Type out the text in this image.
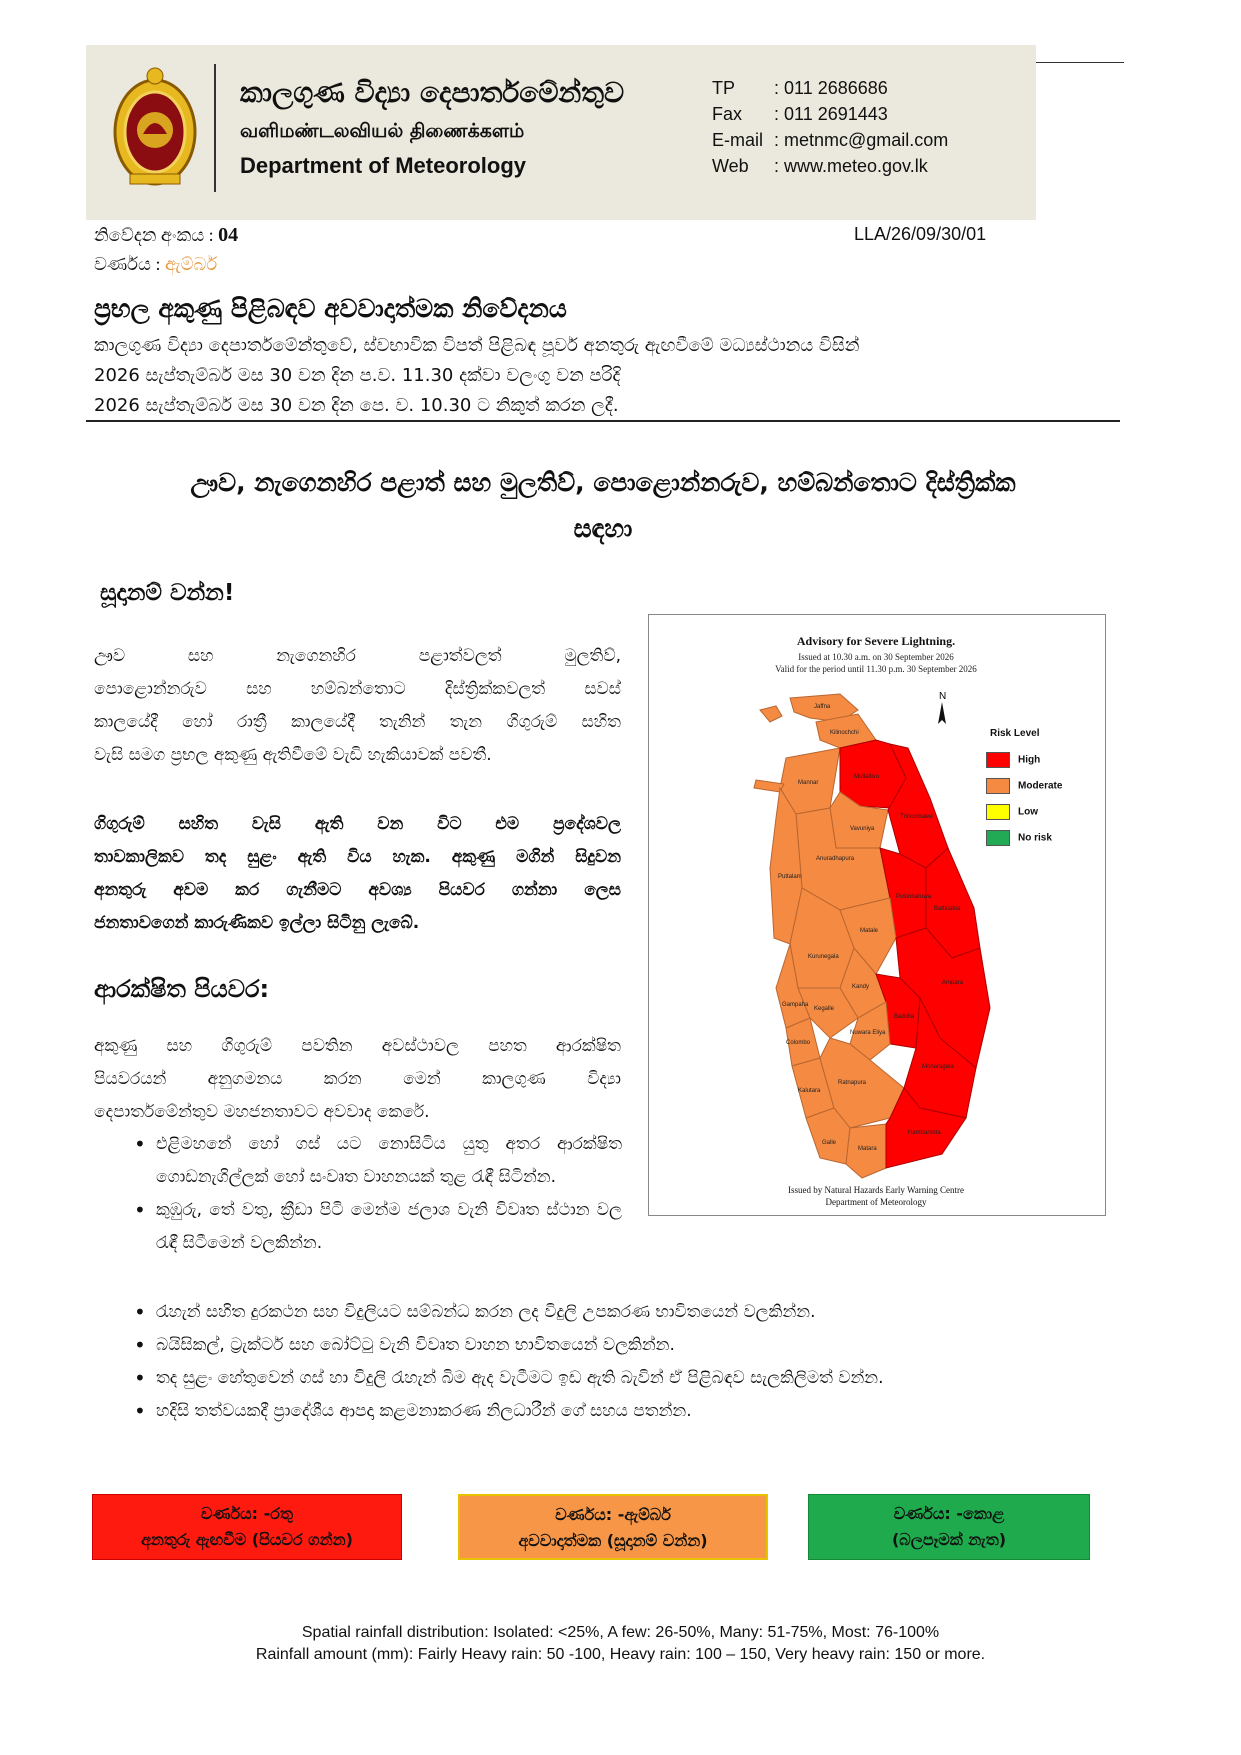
කාලගුණ විද්‍යා දෙපාර්තමේන්තුව
வளிமண்டலவியல் திணைக்களம்
Department of Meteorology
TP : 011 2686686
Fax : 011 2691443
E-mail : metnmc@gmail.com
Web : www.meteo.gov.lk
නිවේදන අංකය : 04	LLA/26/09/30/01
වර්ණය : ඇම්බර්
ප්‍රභල අකුණු පිළිබඳව අවවාදාත්මක නිවේදනය
කාලගුණ විද්‍යා දෙපාර්තමේන්තුවේ, ස්වභාවික විපත් පිළිබඳ පූර්ව අනතුරු ඇඟවීමේ මධ්‍යස්ථානය විසින්
2026 සැප්තැම්බර් මස 30 වන දින ප.ව. 11.30 දක්වා වලංගු වන පරිදි
2026 සැප්තැම්බර් මස 30 වන දින පෙ. ව. 10.30 ට නිකුත් කරන ලදී.
ඌව, නැගෙනහිර පළාත් සහ මුලතිව්, පොළොන්නරුව, හම්බන්තොට දිස්ත්‍රික්ක
සඳහා
සූදානම් වන්න!
ඌව සහ නැගෙනහිර පළාත්වලත් මුලතිව්,
පොළොන්නරුව සහ හම්බන්තොට දිස්ත්‍රික්කවලත් සවස්
කාලයේදී හෝ රාත්‍රී කාලයේදී තැනින් තැන ගිගුරුම් සහිත
වැසි සමග ප්‍රභල අකුණු ඇතිවීමේ වැඩි හැකියාවක් පවතී.
ගිගුරුම් සහිත වැසි ඇති වන විට එම ප්‍රදේශවල
තාවකාලිකව තද සුළං ඇති විය හැක. අකුණු මගින් සිදුවන
අනතුරු අවම කර ගැනීමට අවශ්‍ය පියවර ගන්නා ලෙස
ජනතාවගෙන් කාරුණිකව ඉල්ලා සිටිනු ලැබේ.
ආරක්ෂිත පියවර:
අකුණු සහ ගිගුරුම් පවතින අවස්ථාවල පහත ආරක්ෂිත
පියවරයන් අනුගමනය කරන මෙන් කාලගුණ විද්‍යා
දෙපාර්තමේන්තුව මහජනතාවට අවවාද කෙරේ.
• එළිමහනේ හෝ ගස් යට නොසිටිය යුතු අතර ආරක්ෂිත ගොඩනැගිල්ලක් හෝ සංවෘත වාහනයක් තුළ රැඳී සිටින්න.
• කුඹුරු, තේ වතු, ක්‍රීඩා පිටි මෙන්ම ජලාශ වැනි විවෘත ස්ථාන වල රැඳී සිටීමෙන් වලකින්න.
• රැහැන් සහිත දුරකථන සහ විදුලියට සම්බන්ධ කරන ලද විදුලි උපකරණ භාවිතයෙන් වලකින්න.
• බයිසිකල්, ට්‍රැක්ටර් සහ බෝට්ටු වැනි විවෘත වාහන භාවිතයෙන් වලකින්න.
• තද සුළං හේතුවෙන් ගස් හා විදුලි රැහැන් බිම ඇද වැටීමට ඉඩ ඇති බැවින් ඒ පිළිබඳව සැලකිලිමත් වන්න.
• හදිසි තත්වයකදී ප්‍රාදේශීය ආපදා කළමනාකරණ නිලධාරීන් ගේ සහය පතන්න.
Advisory for Severe Lightning.
Issued at 10.30 a.m. on 30 September 2026
Valid for the period until 11.30 p.m. 30 September 2026
N
Jaffna
Kilinochchi
Mullaitivu
Mannar
Vavuniya
Trincomalee
Anuradhapura
Puttalam
Polonnaruwa
Batticaloa
Kurunegala
Matale
Kandy
Ampara
Gampaha
Kegalle
Badulla
Nuwara Eliya
Colombo
Monaragala
Kalutara
Ratnapura
Galle
Matara
Hambantota
Risk Level
High
Moderate
Low
No risk
Issued by Natural Hazards Early Warning Centre
Department of Meteorology
වර්ණය: -රතු
අනතුරු ඇඟවීම (පියවර ගන්න)
වර්ණය: -ඇම්බර්
අවවාදාත්මක (සූදානම් වන්න)
වර්ණය: -කොළ
(බලපෑමක් නැත)
Spatial rainfall distribution: Isolated: <25%, A few: 26-50%, Many: 51-75%, Most: 76-100%
Rainfall amount (mm): Fairly Heavy rain: 50 -100, Heavy rain: 100 – 150, Very heavy rain: 150 or more.
